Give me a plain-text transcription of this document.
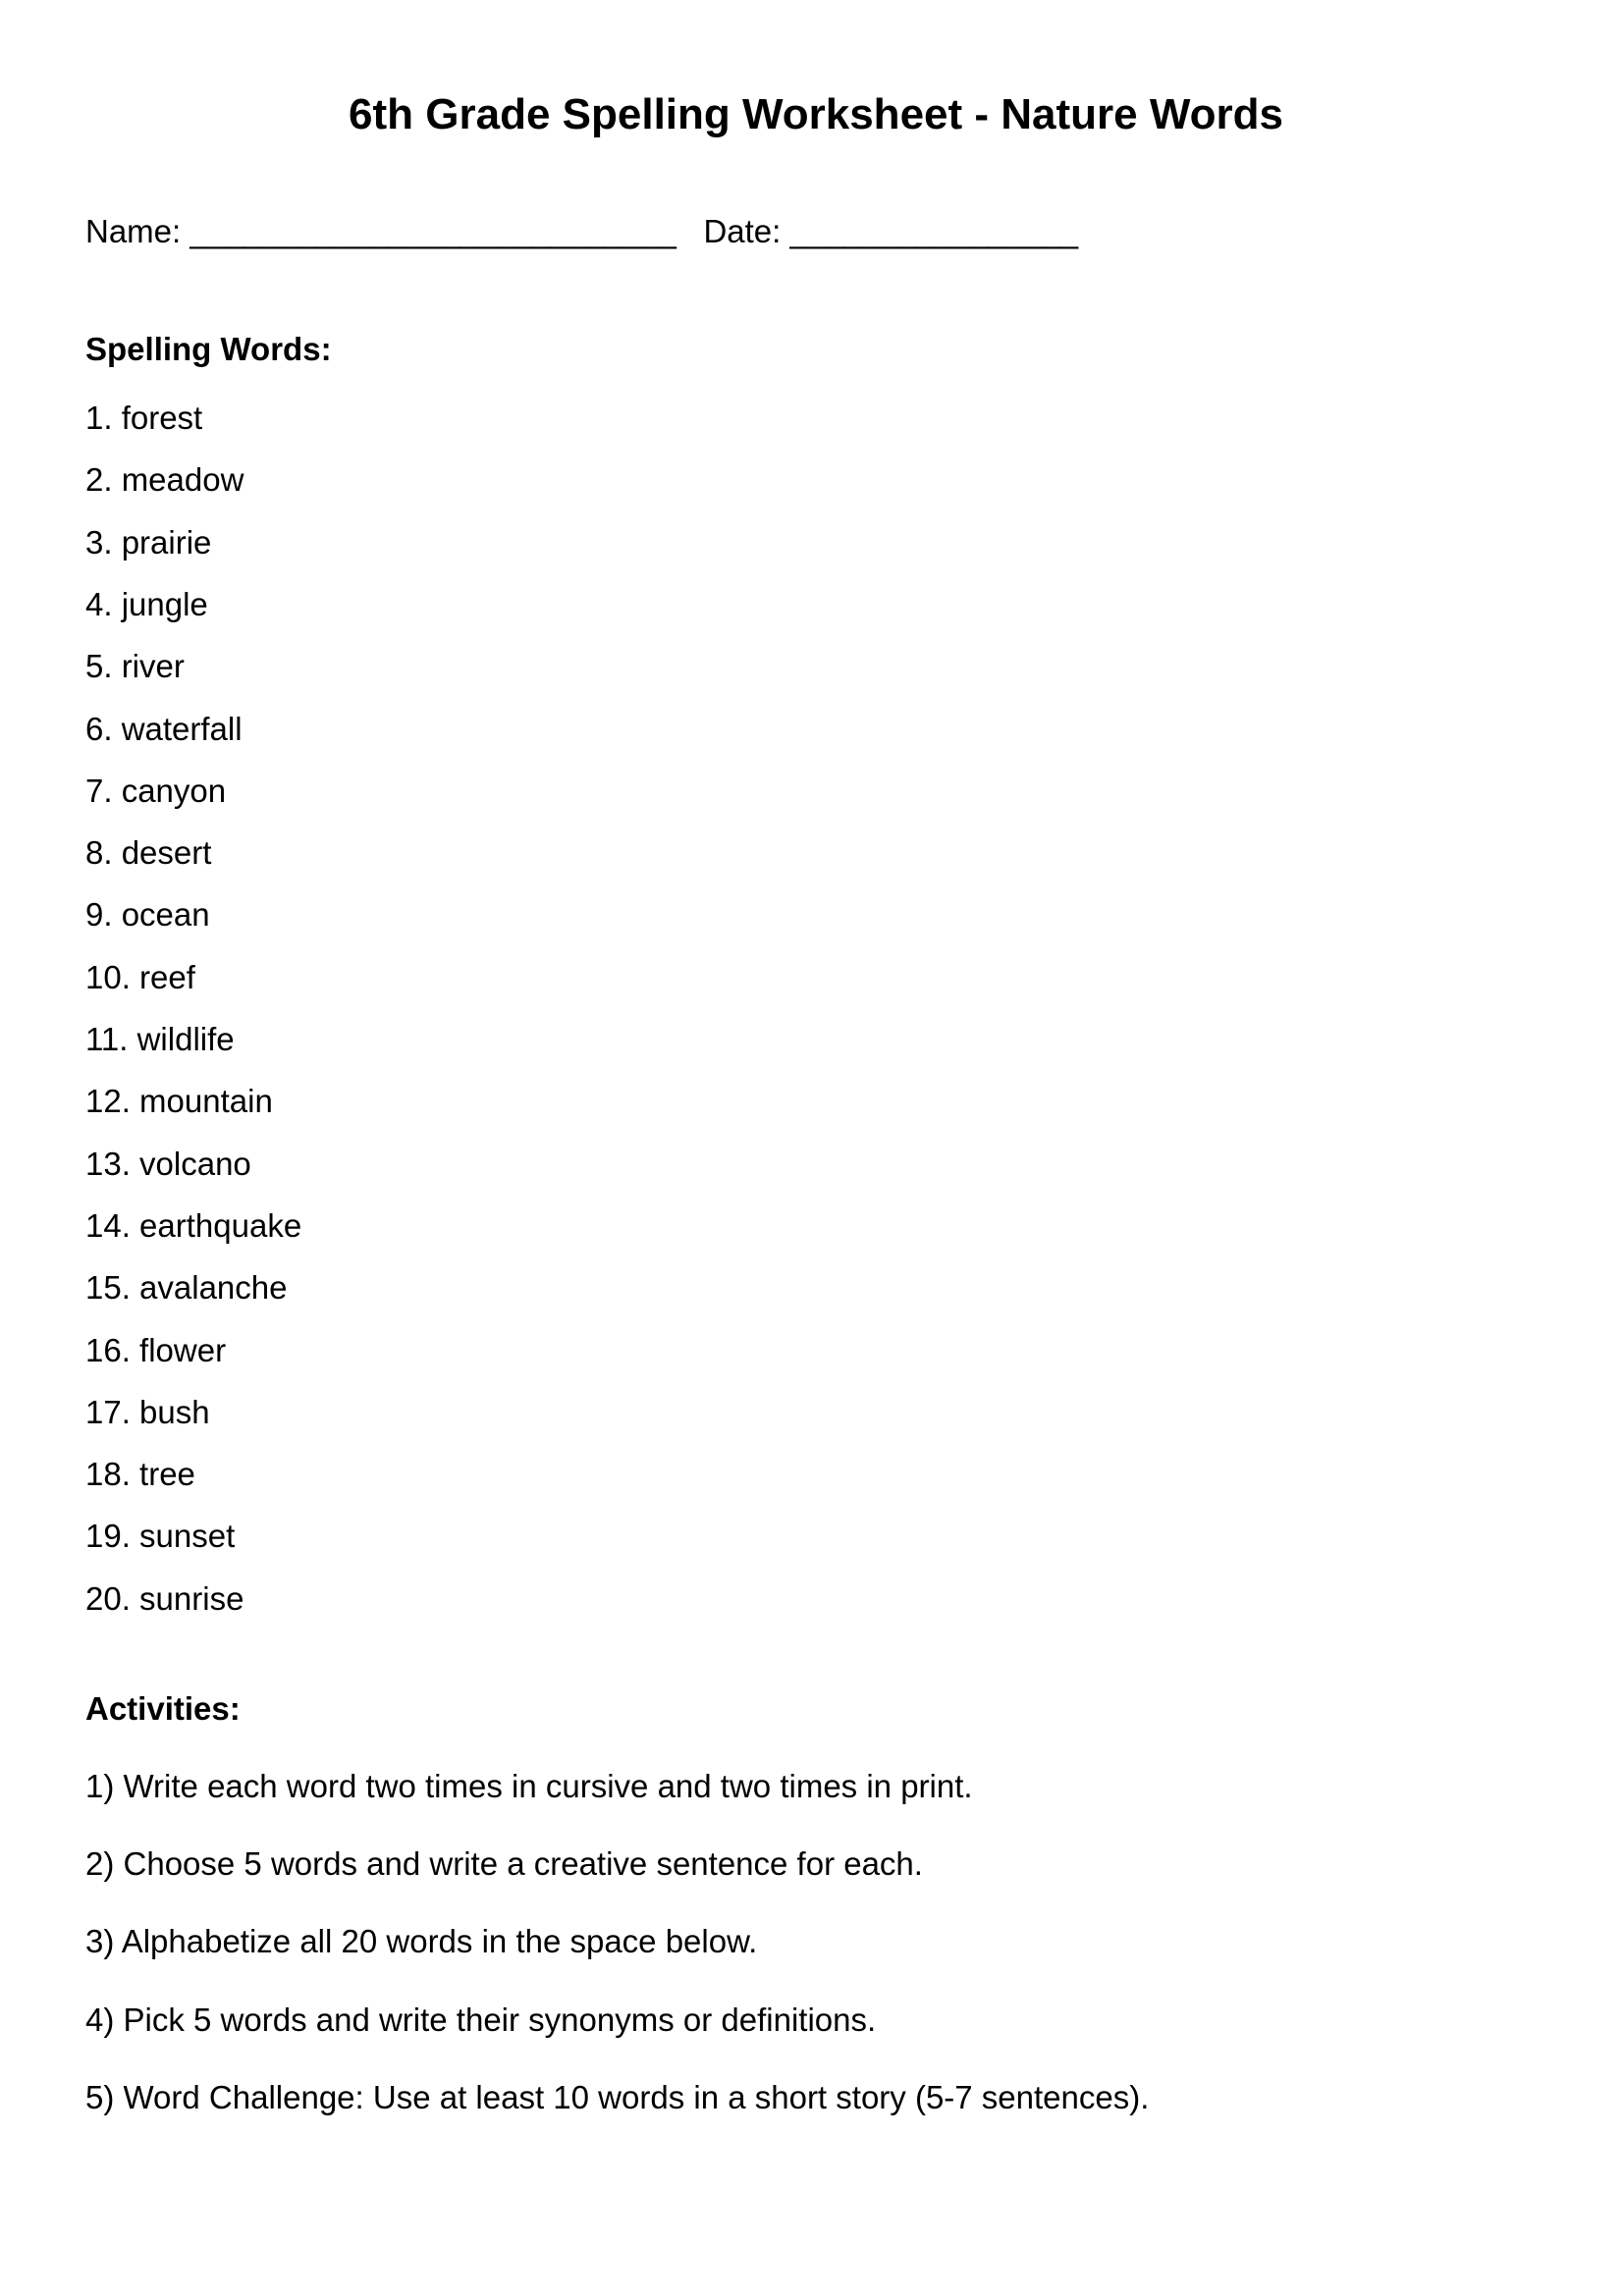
6th Grade Spelling Worksheet - Nature Words
Name: ___________________________ Date: ________________
Spelling Words:
1. forest
2. meadow
3. prairie
4. jungle
5. river
6. waterfall
7. canyon
8. desert
9. ocean
10. reef
11. wildlife
12. mountain
13. volcano
14. earthquake
15. avalanche
16. flower
17. bush
18. tree
19. sunset
20. sunrise
Activities:
1) Write each word two times in cursive and two times in print.
2) Choose 5 words and write a creative sentence for each.
3) Alphabetize all 20 words in the space below.
4) Pick 5 words and write their synonyms or definitions.
5) Word Challenge: Use at least 10 words in a short story (5-7 sentences).
